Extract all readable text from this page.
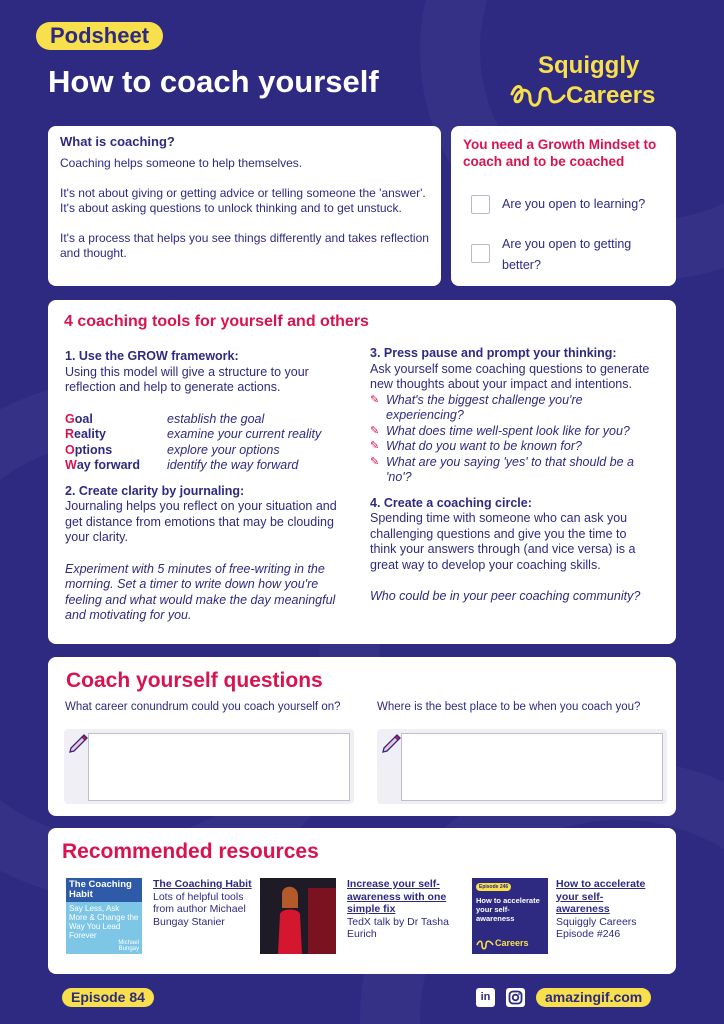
Podsheet
How to coach yourself	Squiggly
Careers
What is coaching?

Coaching helps someone to help themselves.

It's not about giving or getting advice or telling someone the 'answer'. It's about asking questions to unlock thinking and to get unstuck.

It's a process that helps you see things differently and takes reflection and thought.

You need a Growth Mindset to coach and to be coached
Are you open to learning?
Are you open to getting better?
4 coaching tools for yourself and others
1. Use the GROW framework:
Using this model will give a structure to your reflection and help to generate actions.
Goal	establish the goal
Reality	examine your current reality
Options	explore your options
Way forward	identify the way forward
2. Create clarity by journaling:
Journaling helps you reflect on your situation and get distance from emotions that may be clouding your clarity.
Experiment with 5 minutes of free-writing in the morning. Set a timer to write down how you're feeling and what would make the day meaningful and motivating for you.
3. Press pause and prompt your thinking:
Ask yourself some coaching questions to generate new thoughts about your impact and intentions.
✎ What's the biggest challenge you're experiencing?
✎ What does time well-spent look like for you?
✎ What do you want to be known for?
✎ What are you saying 'yes' to that should be a 'no'?
4. Create a coaching circle:
Spending time with someone who can ask you challenging questions and give you the time to think your answers through (and vice versa) is a great way to develop your coaching skills.
Who could be in your peer coaching community?
Coach yourself questions
What career conundrum could you coach yourself on?	Where is the best place to be when you coach you?
Recommended resources
The Coaching Habit
Say Less, Ask More & Change the Way You Lead Forever
Michael Bungay
The Coaching Habit
Lots of helpful tools from author Michael Bungay Stanier
Increase your self-awareness with one simple fix
TedX talk by Dr Tasha Eurich
Episode 246
How to accelerate your self-awareness
Careers
How to accelerate your self-awareness
Squiggly Careers Episode #246
Episode 84	in	amazingif.com
